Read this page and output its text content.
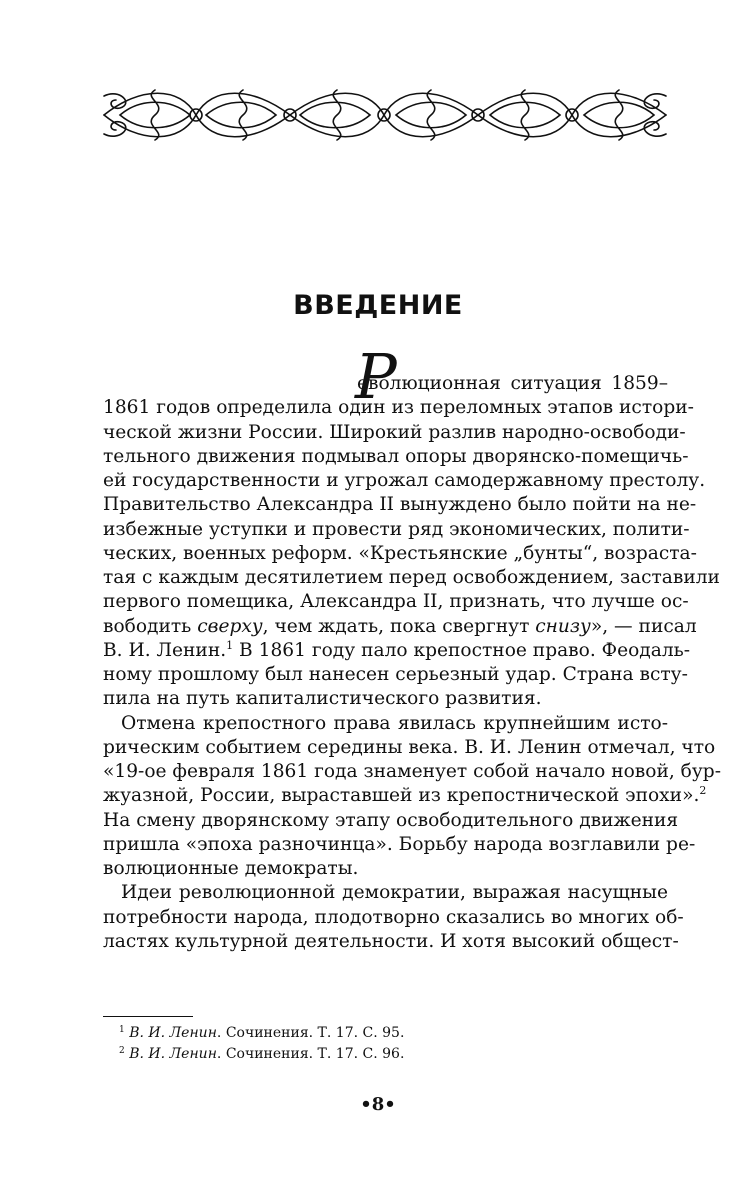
ВВЕДЕНИЕ
Р
еволюционная ситуация 1859–
1861 годов определила один из переломных этапов истори-
ческой жизни России. Широкий разлив народно-освободи-
тельного движения подмывал опоры дворянско-помещичь-
ей государственности и угрожал самодержавному престолу.
Правительство Александра II вынуждено было пойти на не-
избежные уступки и провести ряд экономических, полити-
ческих, военных реформ. «Крестьянские „бунты“, возраста-
тая с каждым десятилетием перед освобождением, заставили
первого помещика, Александра II, признать, что лучше ос-
вободить сверху, чем ждать, пока свергнут снизу», — писал
В. И. Ленин.$^1$ В 1861 году пало крепостное право. Феодаль-
ному прошлому был нанесен серьезный удар. Страна всту-
пила на путь капиталистического развития.
Отмена крепостного права явилась крупнейшим исто-
рическим событием середины века. В. И. Ленин отмечал, что
«19-ое февраля 1861 года знаменует собой начало новой, бур-
жуазной, России, выраставшей из крепостнической эпохи».$^2$
На смену дворянскому этапу освободительного движения
пришла «эпоха разночинца». Борьбу народа возглавили ре-
волюционные демократы.
Идеи революционной демократии, выражая насущные
потребности народа, плодотворно сказались во многих об-
ластях культурной деятельности. И хотя высокий общест-
$^1$ В. И. Ленин. Сочинения. Т. 17. С. 95.
$^2$ В. И. Ленин. Сочинения. Т. 17. С. 96.
•8•
